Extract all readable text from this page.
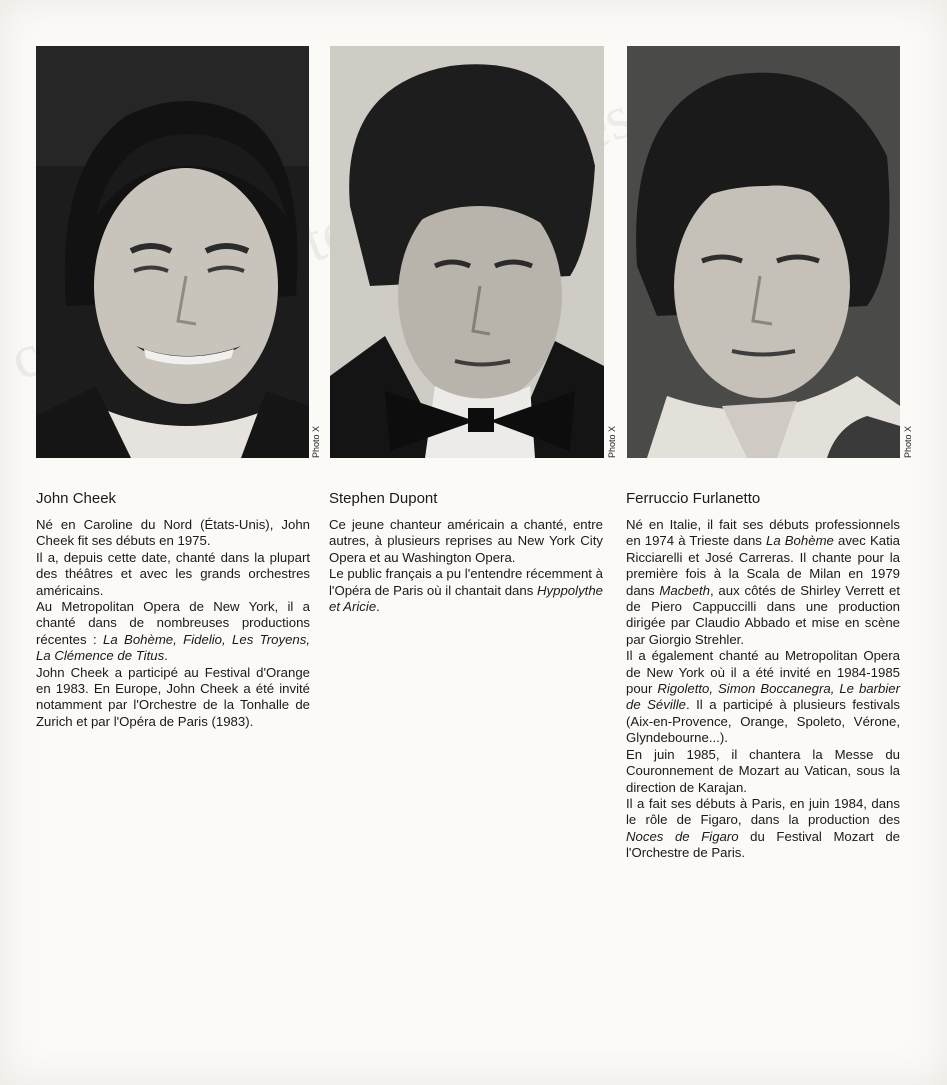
Photo X	Photo X	Photo X
John Cheek

Né en Caroline du Nord (États-Unis), John Cheek fit ses débuts en 1975.

Il a, depuis cette date, chanté dans la plupart des théâtres et avec les grands orchestres américains.

Au Metropolitan Opera de New York, il a chanté dans de nombreuses productions récentes : La Bohème, Fidelio, Les Troyens, La Clémence de Titus.

John Cheek a participé au Festival d'Orange en 1983. En Europe, John Cheek a été invité notamment par l'Orchestre de la Tonhalle de Zurich et par l'Opéra de Paris (1983).

Stephen Dupont

Ce jeune chanteur américain a chanté, entre autres, à plusieurs reprises au New York City Opera et au Washington Opera.

Le public français a pu l'entendre récemment à l'Opéra de Paris où il chantait dans Hyppolythe et Aricie.

Ferruccio Furlanetto

Né en Italie, il fait ses débuts professionnels en 1974 à Trieste dans La Bohème avec Katia Ricciarelli et José Carreras. Il chante pour la première fois à la Scala de Milan en 1979 dans Macbeth, aux côtés de Shirley Verrett et de Piero Cappuccilli dans une production dirigée par Claudio Abbado et mise en scène par Giorgio Strehler.

Il a également chanté au Metropolitan Opera de New York où il a été invité en 1984-1985 pour Rigoletto, Simon Boccanegra, Le barbier de Séville. Il a participé à plusieurs festivals (Aix-en-Provence, Orange, Spoleto, Vérone, Glyndebourne...).

En juin 1985, il chantera la Messe du Couronnement de Mozart au Vatican, sous la direction de Karajan.

Il a fait ses débuts à Paris, en juin 1984, dans le rôle de Figaro, dans la production des Noces de Figaro du Festival Mozart de l'Orchestre de Paris.
